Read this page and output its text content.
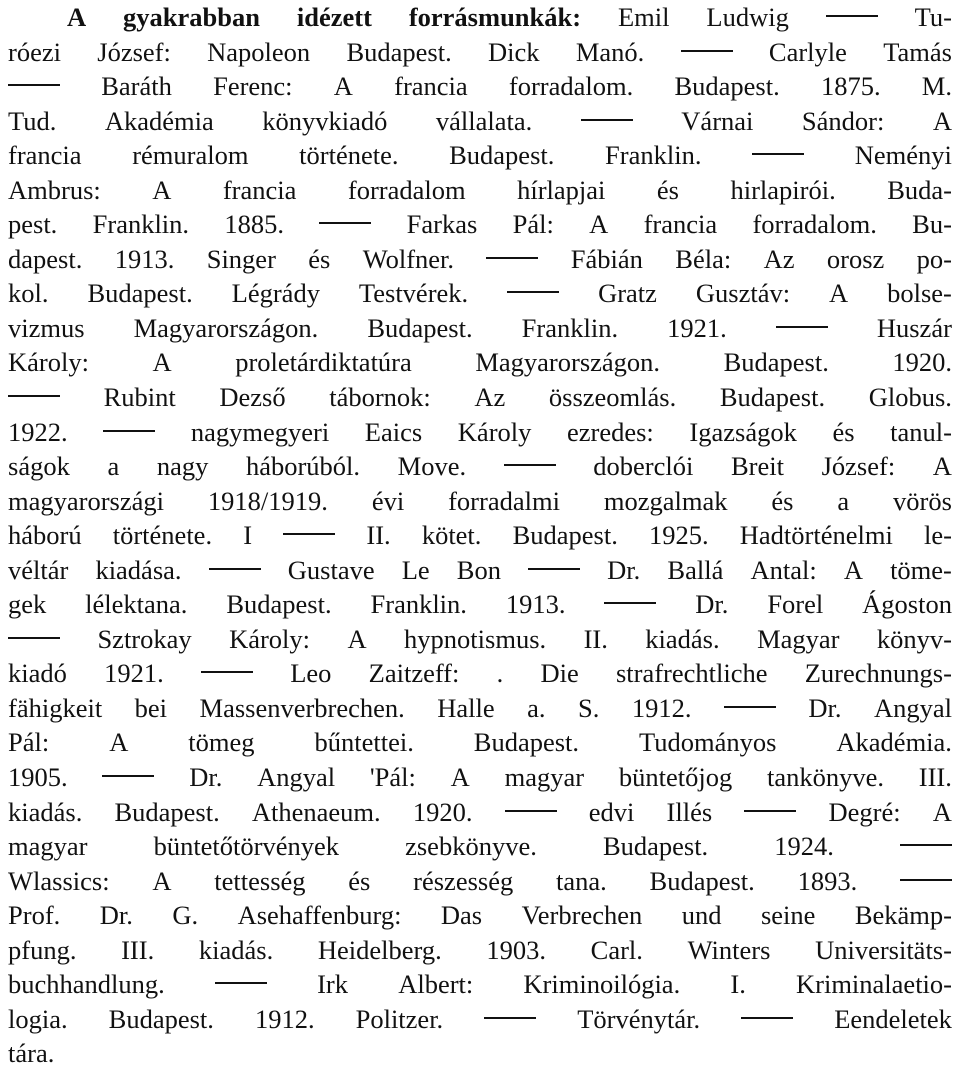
A gyakrabban idézett forrásmunkák: Emil Ludwig	Tu-
róezi József: Napoleon Budapest. Dick Manó.	Carlyle Tamás
Baráth Ferenc: A francia forradalom. Budapest. 1875. M.
Tud. Akadémia könyvkiadó vállalata.	Várnai Sándor: A
francia rémuralom története. Budapest. Franklin.	Neményi
Ambrus: A francia forradalom hírlapjai és hirlapirói. Buda-
pest. Franklin. 1885.	Farkas Pál: A francia forradalom. Bu-
dapest. 1913. Singer és Wolfner.	Fábián Béla: Az orosz po-
kol. Budapest. Légrády Testvérek.	Gratz Gusztáv: A bolse-
vizmus Magyarországon. Budapest. Franklin. 1921.	Huszár
Károly: A proletárdiktatúra Magyarországon. Budapest. 1920.
Rubint Dezső tábornok: Az összeomlás. Budapest. Globus.
1922.	nagymegyeri Eaics Károly ezredes: Igazságok és tanul-
ságok a nagy háborúból. Move.	doberclói Breit József: A
magyarországi 1918/1919. évi forradalmi mozgalmak és a vörös
háború története. I	II. kötet. Budapest. 1925. Hadtörténelmi le-
véltár kiadása.	Gustave Le Bon	Dr. Ballá Antal: A töme-
gek lélektana. Budapest. Franklin. 1913.	Dr. Forel Ágoston
Sztrokay Károly: A hypnotismus. II. kiadás. Magyar könyv-
kiadó 1921.	Leo Zaitzeff: . Die strafrechtliche Zurechnungs-
fähigkeit bei Massenverbrechen. Halle a. S. 1912.	Dr. Angyal
Pál: A tömeg bűntettei. Budapest. Tudományos Akadémia.
1905.	Dr. Angyal 'Pál: A magyar büntetőjog tankönyve. III.
kiadás. Budapest. Athenaeum. 1920.	edvi Illés	Degré: A
magyar büntetőtörvények zsebkönyve. Budapest. 1924.
Wlassics: A tettesség és részesség tana. Budapest. 1893.
Prof. Dr. G. Asehaffenburg: Das Verbrechen und seine Bekämp-
pfung. III. kiadás. Heidelberg. 1903. Carl. Winters Universitäts-
buchhandlung.	Irk Albert: Kriminoilógia. I. Kriminalaetio-
logia. Budapest. 1912. Politzer.	Törvénytár.	Eendeletek
tára.
